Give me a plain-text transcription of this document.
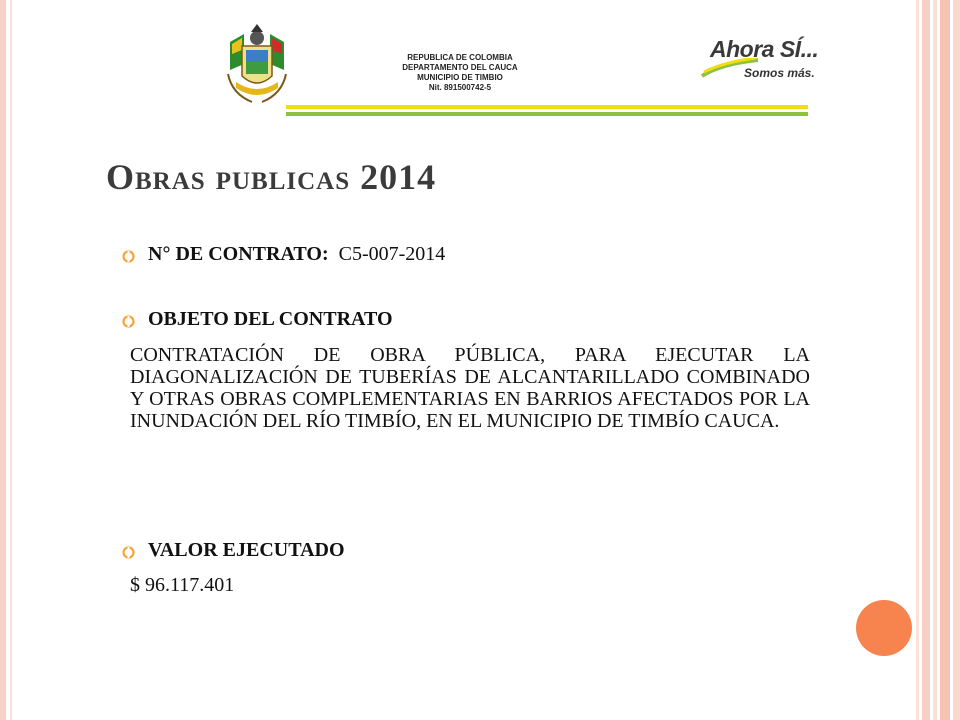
REPUBLICA DE COLOMBIA
DEPARTAMENTO DEL CAUCA
MUNICIPIO DE TIMBIO
Nit. 891500742-5
Ahora SÍ...
Somos más.
Obras publicas 2014
N° DE CONTRATO: C5-007-2014
OBJETO DEL CONTRATO
CONTRATACIÓN DE OBRA PÚBLICA, PARA EJECUTAR LA DIAGONALIZACIÓN DE TUBERÍAS DE ALCANTARILLADO COMBINADO Y OTRAS OBRAS COMPLEMENTARIAS EN BARRIOS AFECTADOS POR LA INUNDACIÓN DEL RÍO TIMBÍO, EN EL MUNICIPIO DE TIMBÍO CAUCA.
VALOR EJECUTADO
$ 96.117.401
